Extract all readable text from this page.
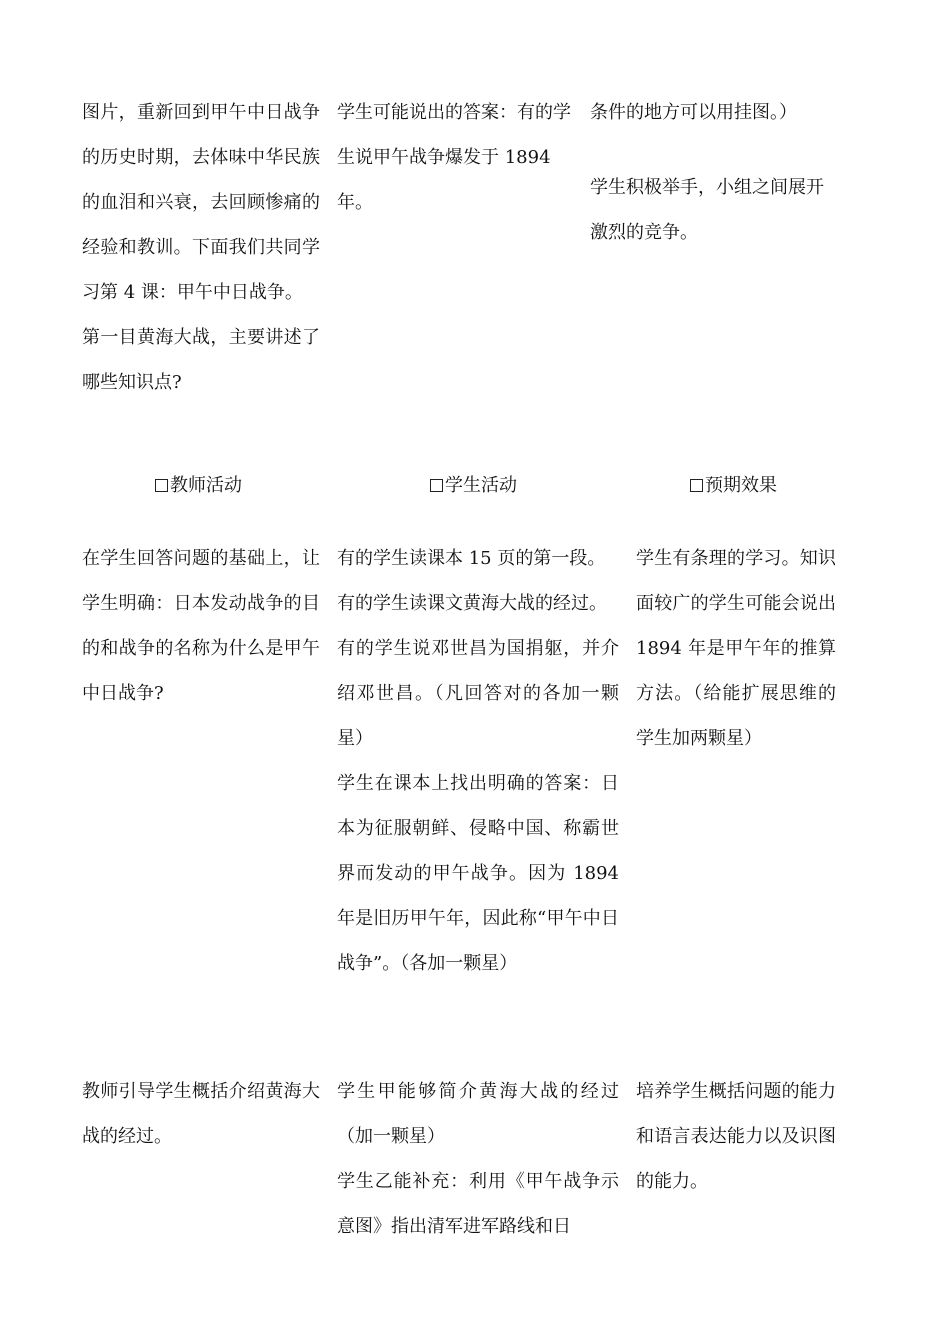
图片，重新回到甲午中日战争的历史时期，去体味中华民族的血泪和兴衰，去回顾惨痛的经验和教训。下面我们共同学习第 4 课：甲午中日战争。

第一目黄海大战，主要讲述了哪些知识点?

学生可能说出的答案：有的学生说甲午战争爆发于 1894 年。

条件的地方可以用挂图。）

学生积极举手，小组之间展开激烈的竞争。

教师活动	学生活动	预期效果

在学生回答问题的基础上，让学生明确：日本发动战争的目的和战争的名称为什么是甲午中日战争?

有的学生读课本 15 页的第一段。

有的学生读课文黄海大战的经过。

有的学生说邓世昌为国捐躯，并介绍邓世昌。（凡回答对的各加一颗星）

学生在课本上找出明确的答案：日本为征服朝鲜、侵略中国、称霸世界而发动的甲午战争。因为 1894 年是旧历甲午年，因此称“甲午中日战争”。（各加一颗星）

学生有条理的学习。知识面较广的学生可能会说出 1894 年是甲午年的推算方法。（给能扩展思维的学生加两颗星）

教师引导学生概括介绍黄海大战的经过。

学生甲能够简介黄海大战的经过（加一颗星）

学生乙能补充：利用《甲午战争示意图》指出清军进军路线和日

培养学生概括问题的能力和语言表达能力以及识图的能力。
